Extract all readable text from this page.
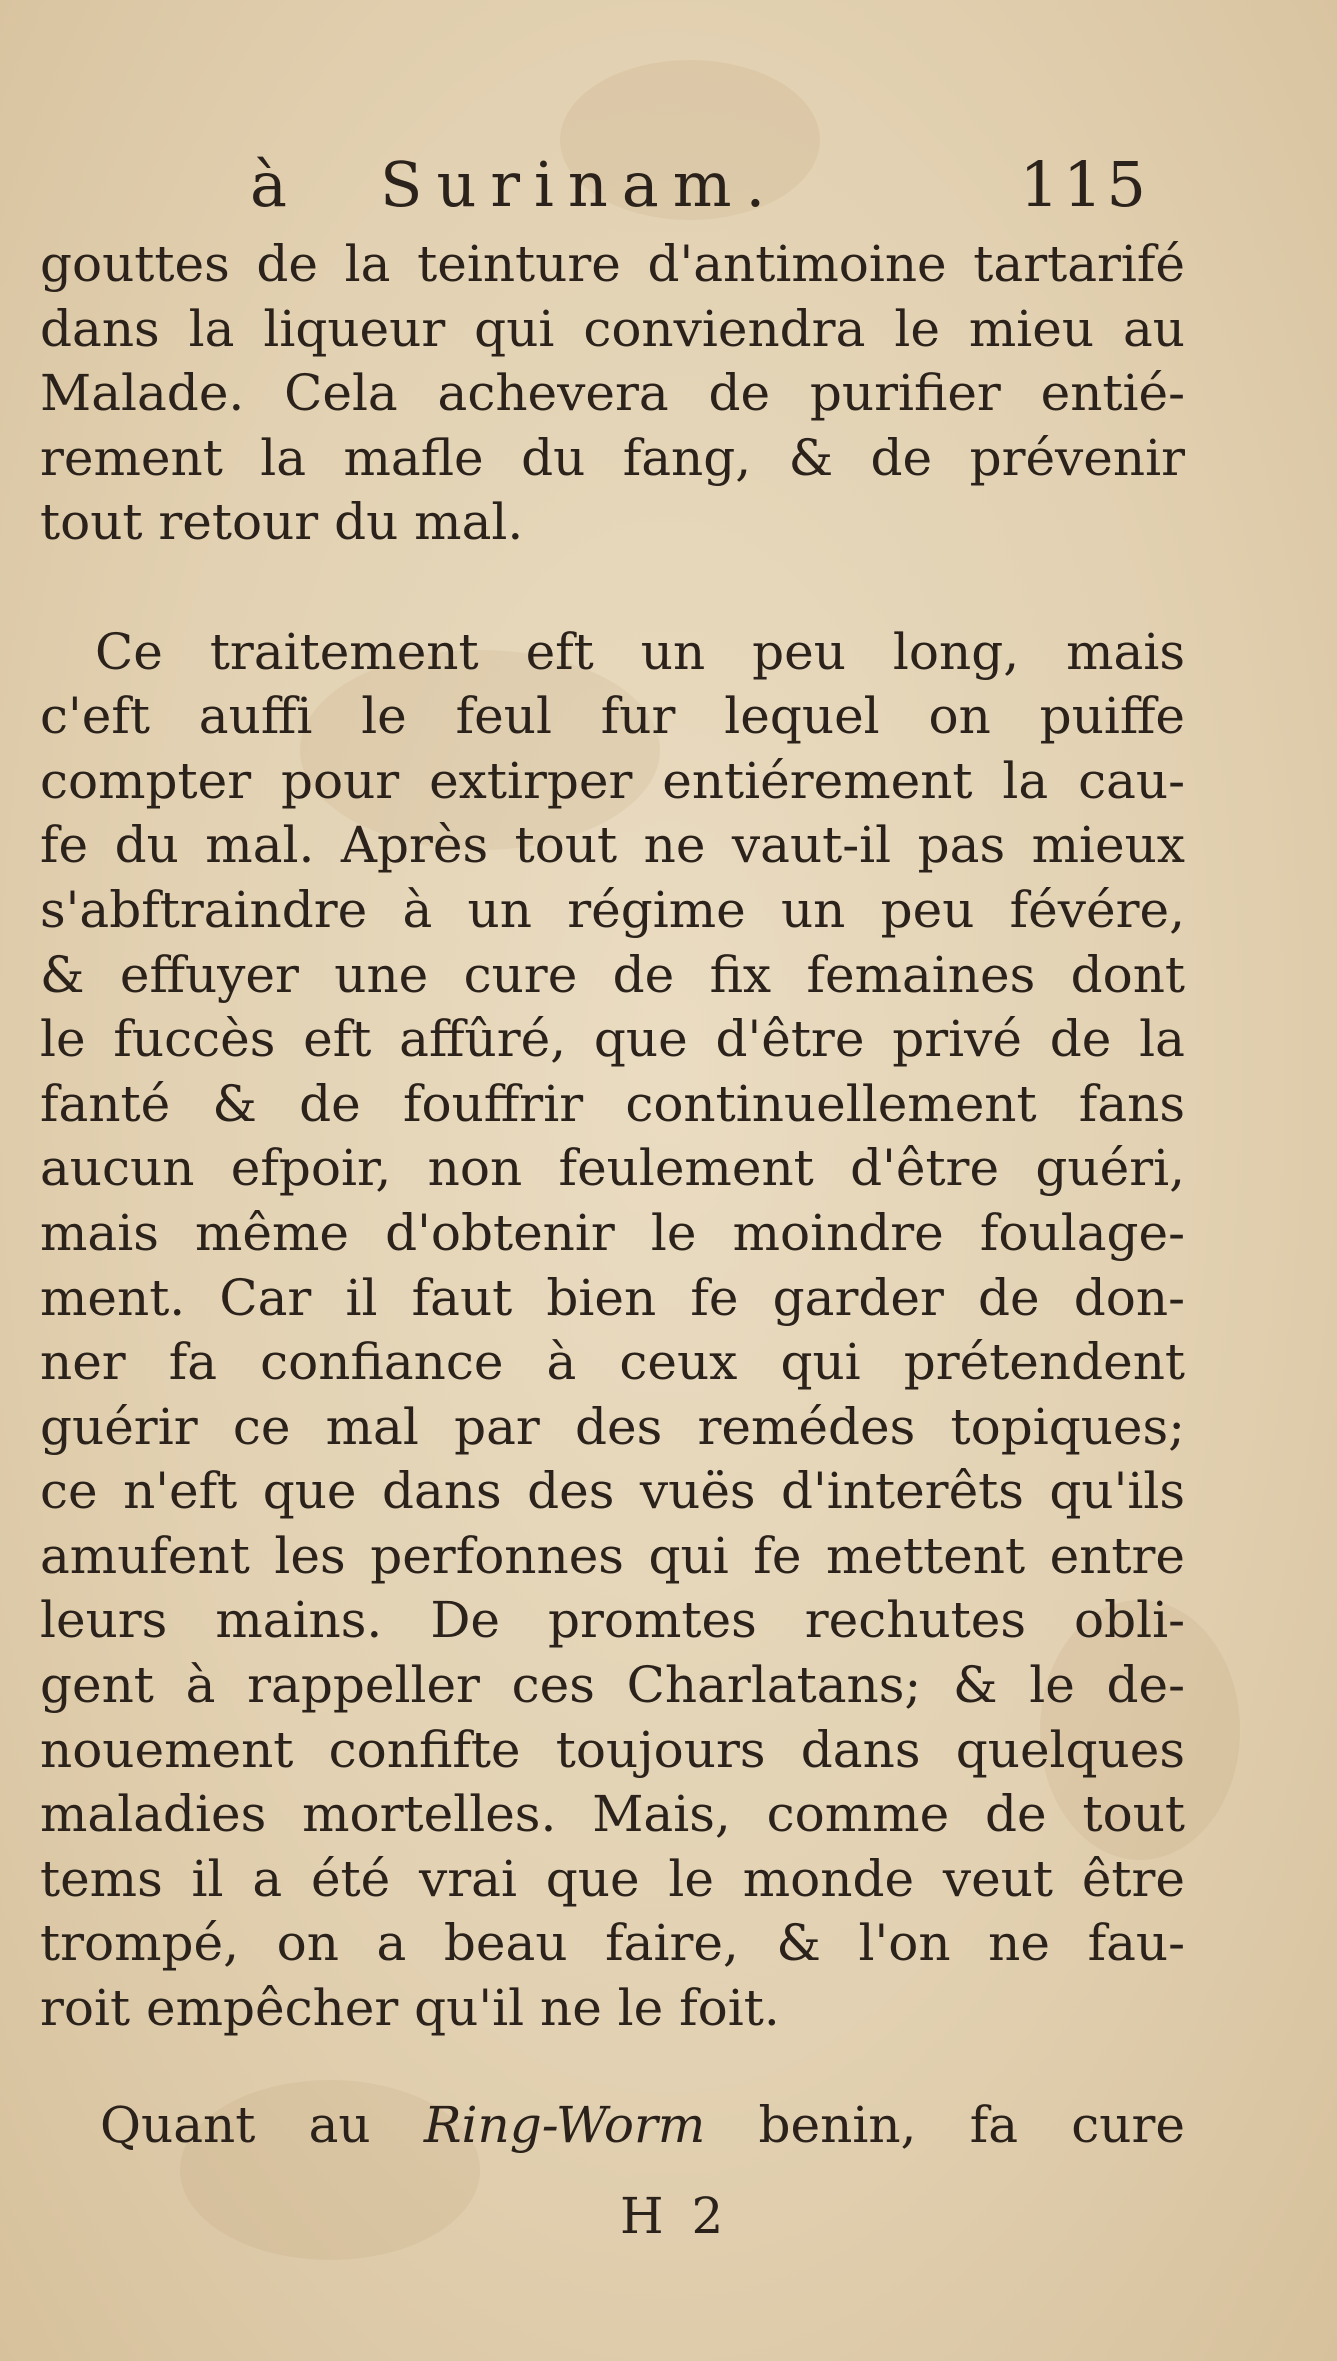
à Surinam.	115
gouttes de la teinture d'antimoine tartarifé
dans la liqueur qui conviendra le mieu au
Malade. Cela achevera de purifier entié-
rement la mafle du fang, & de prévenir
tout retour du mal.
Ce traitement eft un peu long, mais
c'eft auffi le feul fur lequel on puiffe
compter pour extirper entiérement la cau-
fe du mal. Après tout ne vaut-il pas mieux
s'abftraindre à un régime un peu févére,
& effuyer une cure de fix femaines dont
le fuccès eft affûré, que d'être privé de la
fanté & de fouffrir continuellement fans
aucun efpoir, non feulement d'être guéri,
mais même d'obtenir le moindre foulage-
ment. Car il faut bien fe garder de don-
ner fa confiance à ceux qui prétendent
guérir ce mal par des remédes topiques;
ce n'eft que dans des vuës d'interêts qu'ils
amufent les perfonnes qui fe mettent entre
leurs mains. De promtes rechutes obli-
gent à rappeller ces Charlatans; & le de-
nouement confifte toujours dans quelques
maladies mortelles. Mais, comme de tout
tems il a été vrai que le monde veut être
trompé, on a beau faire, & l'on ne fau-
roit empêcher qu'il ne le foit.
Quant au Ring-Worm benin, fa cure
H 2
